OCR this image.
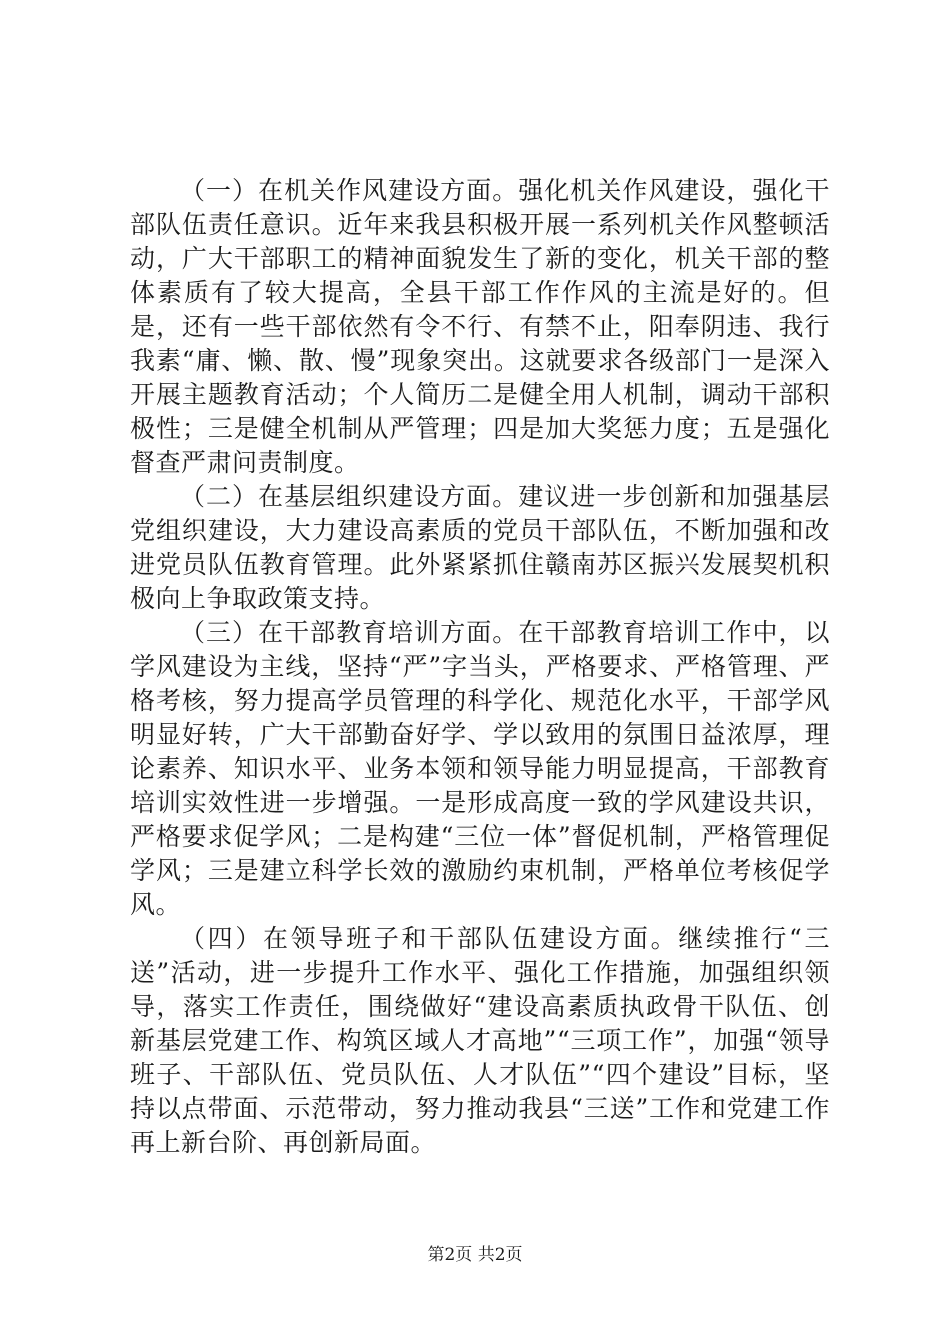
（一）在机关作风建设方面。强化机关作风建设，强化干部队伍责任意识。近年来我县积极开展一系列机关作风整顿活动，广大干部职工的精神面貌发生了新的变化，机关干部的整体素质有了较大提高，全县干部工作作风的主流是好的。但是，还有一些干部依然有令不行、有禁不止，阳奉阴违、我行我素“庸、懒、散、慢”现象突出。这就要求各级部门一是深入开展主题教育活动；个人简历二是健全用人机制，调动干部积极性；三是健全机制从严管理；四是加大奖惩力度；五是强化督查严肃问责制度。

（二）在基层组织建设方面。建议进一步创新和加强基层党组织建设，大力建设高素质的党员干部队伍，不断加强和改进党员队伍教育管理。此外紧紧抓住赣南苏区振兴发展契机积极向上争取政策支持。

（三）在干部教育培训方面。在干部教育培训工作中，以学风建设为主线，坚持“严”字当头，严格要求、严格管理、严格考核，努力提高学员管理的科学化、规范化水平，干部学风明显好转，广大干部勤奋好学、学以致用的氛围日益浓厚，理论素养、知识水平、业务本领和领导能力明显提高，干部教育培训实效性进一步增强。一是形成高度一致的学风建设共识，严格要求促学风；二是构建“三位一体”督促机制，严格管理促学风；三是建立科学长效的激励约束机制，严格单位考核促学风。

（四）在领导班子和干部队伍建设方面。继续推行“三送”活动，进一步提升工作水平、强化工作措施，加强组织领导，落实工作责任，围绕做好“建设高素质执政骨干队伍、创新基层党建工作、构筑区域人才高地”“三项工作”，加强“领导班子、干部队伍、党员队伍、人才队伍”“四个建设”目标，坚持以点带面、示范带动，努力推动我县“三送”工作和党建工作再上新台阶、再创新局面。

第2页 共2页
